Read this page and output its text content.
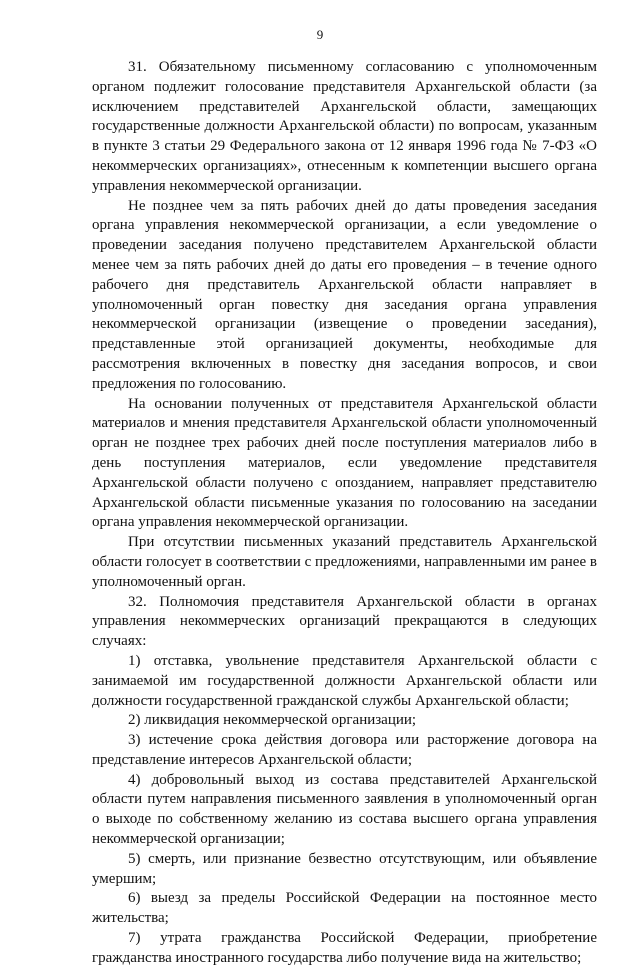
9

31. Обязательному письменному согласованию с уполномоченным органом подлежит голосование представителя Архангельской области (за исключением представителей Архангельской области, замещающих государственные должности Архангельской области) по вопросам, указанным в пункте 3 статьи 29 Федерального закона от 12 января 1996 года № 7-ФЗ «О некоммерческих организациях», отнесенным к компетенции высшего органа управления некоммерческой организации.

Не позднее чем за пять рабочих дней до даты проведения заседания органа управления некоммерческой организации, а если уведомление о проведении заседания получено представителем Архангельской области менее чем за пять рабочих дней до даты его проведения – в течение одного рабочего дня представитель Архангельской области направляет в уполномоченный орган повестку дня заседания органа управления некоммерческой организации (извещение о проведении заседания), представленные этой организацией документы, необходимые для рассмотрения включенных в повестку дня заседания вопросов, и свои предложения по голосованию.

На основании полученных от представителя Архангельской области материалов и мнения представителя Архангельской области уполномоченный орган не позднее трех рабочих дней после поступления материалов либо в день поступления материалов, если уведомление представителя Архангельской области получено с опозданием, направляет представителю Архангельской области письменные указания по голосованию на заседании органа управления некоммерческой организации.

При отсутствии письменных указаний представитель Архангельской области голосует в соответствии с предложениями, направленными им ранее в уполномоченный орган.

32. Полномочия представителя Архангельской области в органах управления некоммерческих организаций прекращаются в следующих случаях:

1) отставка, увольнение представителя Архангельской области с занимаемой им государственной должности Архангельской области или должности государственной гражданской службы Архангельской области;

2) ликвидация некоммерческой организации;

3) истечение срока действия договора или расторжение договора на представление интересов Архангельской области;

4) добровольный выход из состава представителей Архангельской области путем направления письменного заявления в уполномоченный орган о выходе по собственному желанию из состава высшего органа управления некоммерческой организации;

5) смерть, или признание безвестно отсутствующим, или объявление умершим;

6) выезд за пределы Российской Федерации на постоянное место жительства;

7) утрата гражданства Российской Федерации, приобретение гражданства иностранного государства либо получение вида на жительство;
